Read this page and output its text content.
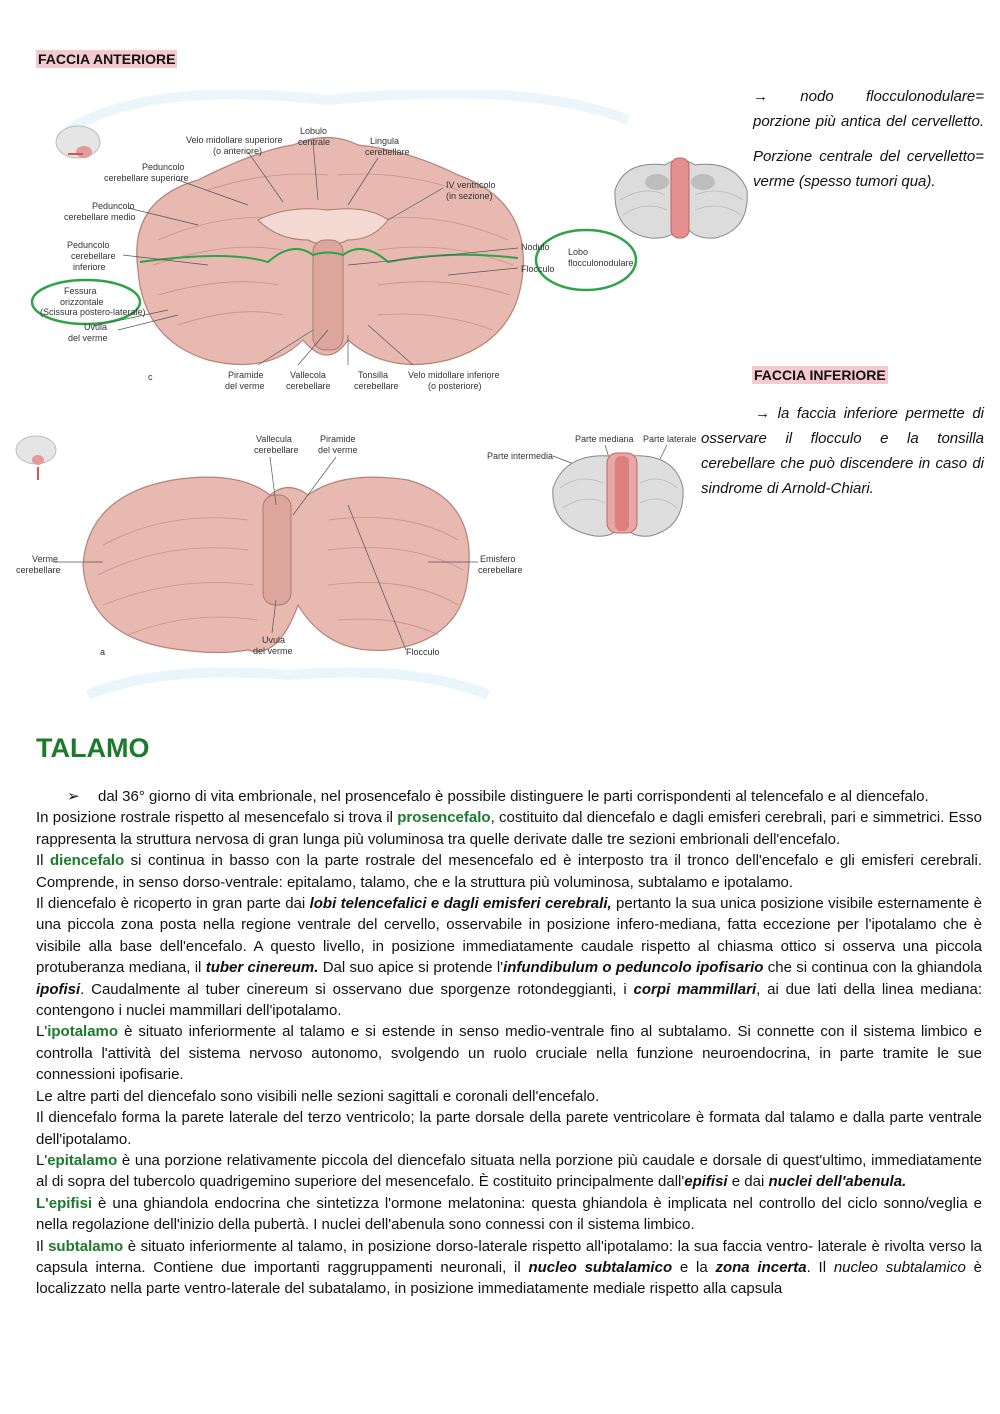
FACCIA ANTERIORE
FACCIA INFERIORE

→ nodo flocculonodulare= porzione più antica del cervelletto.

Porzione centrale del cervelletto= verme (spesso tumori qua).

→ la faccia inferiore permette di osservare il flocculo e la tonsilla cerebellare che può discendere in caso di sindrome di Arnold-Chiari.

Velo midollare superiore
(o anteriore)
Lobulo
centrale	Lingula
cerebellare
Peduncolo
cerebellare superiore
Peduncolo
cerebellare medio
Peduncolo
cerebellare
inferiore
IV ventricolo
(in sezione)
Nodulo
Flocculo
Lobo
flocculonodulare
Fessura
orizzontale
(Scissura postero-laterale)
Uvula
del verme
c	Piramide
del verme
Vallecola
cerebellare
Tonsilla
cerebellare
Velo midollare inferiore
(o posteriore)
Vallecula
cerebellare
Piramide
del verme
Verme
cerebellare
Emisfero
cerebellare
Uvula
del verme
a	Flocculo
Parte mediana Parte laterale
Parte intermedia
TALAMO
➢	dal 36° giorno di vita embrionale, nel prosencefalo è possibile distinguere le parti corrispondenti al telencefalo e al diencefalo.

In posizione rostrale rispetto al mesencefalo si trova il prosencefalo, costituito dal diencefalo e dagli emisferi cerebrali, pari e simmetrici. Esso rappresenta la struttura nervosa di gran lunga più voluminosa tra quelle derivate dalle tre sezioni embrionali dell'encefalo.

Il diencefalo si continua in basso con la parte rostrale del mesencefalo ed è interposto tra il tronco dell'encefalo e gli emisferi cerebrali. Comprende, in senso dorso-ventrale: epitalamo, talamo, che e la struttura più voluminosa, subtalamo e ipotalamo.

Il diencefalo è ricoperto in gran parte dai lobi telencefalici e dagli emisferi cerebrali, pertanto la sua unica posizione visibile esternamente è una piccola zona posta nella regione ventrale del cervello, osservabile in posizione infero-mediana, fatta eccezione per l'ipotalamo che è visibile alla base dell'encefalo. A questo livello, in posizione immediatamente caudale rispetto al chiasma ottico si osserva una piccola protuberanza mediana, il tuber cinereum. Dal suo apice si protende l'infundibulum o peduncolo ipofisario che si continua con la ghiandola ipofisi. Caudalmente al tuber cinereum si osservano due sporgenze rotondeggianti, i corpi mammillari, ai due lati della linea mediana: contengono i nuclei mammillari dell'ipotalamo.

L'ipotalamo è situato inferiormente al talamo e si estende in senso medio-ventrale fino al subtalamo. Si connette con il sistema limbico e controlla l'attività del sistema nervoso autonomo, svolgendo un ruolo cruciale nella funzione neuroendocrina, in parte tramite le sue connessioni ipofisarie.

Le altre parti del diencefalo sono visibili nelle sezioni sagittali e coronali dell'encefalo.

Il diencefalo forma la parete laterale del terzo ventricolo; la parte dorsale della parete ventricolare è formata dal talamo e dalla parte ventrale dell'ipotalamo.

L'epitalamo è una porzione relativamente piccola del diencefalo situata nella porzione più caudale e dorsale di quest'ultimo, immediatamente al di sopra del tubercolo quadrigemino superiore del mesencefalo. È costituito principalmente dall'epifisi e dai nuclei dell'abenula.

L'epifisi è una ghiandola endocrina che sintetizza l'ormone melatonina: questa ghiandola è implicata nel controllo del ciclo sonno/veglia e nella regolazione dell'inizio della pubertà. I nuclei dell'abenula sono connessi con il sistema limbico.

Il subtalamo è situato inferiormente al talamo, in posizione dorso-laterale rispetto all'ipotalamo: la sua faccia ventro- laterale è rivolta verso la capsula interna. Contiene due importanti raggruppamenti neuronali, il nucleo subtalamico e la zona incerta. Il nucleo subtalamico è localizzato nella parte ventro-laterale del subatalamo, in posizione immediatamente mediale rispetto alla capsula
